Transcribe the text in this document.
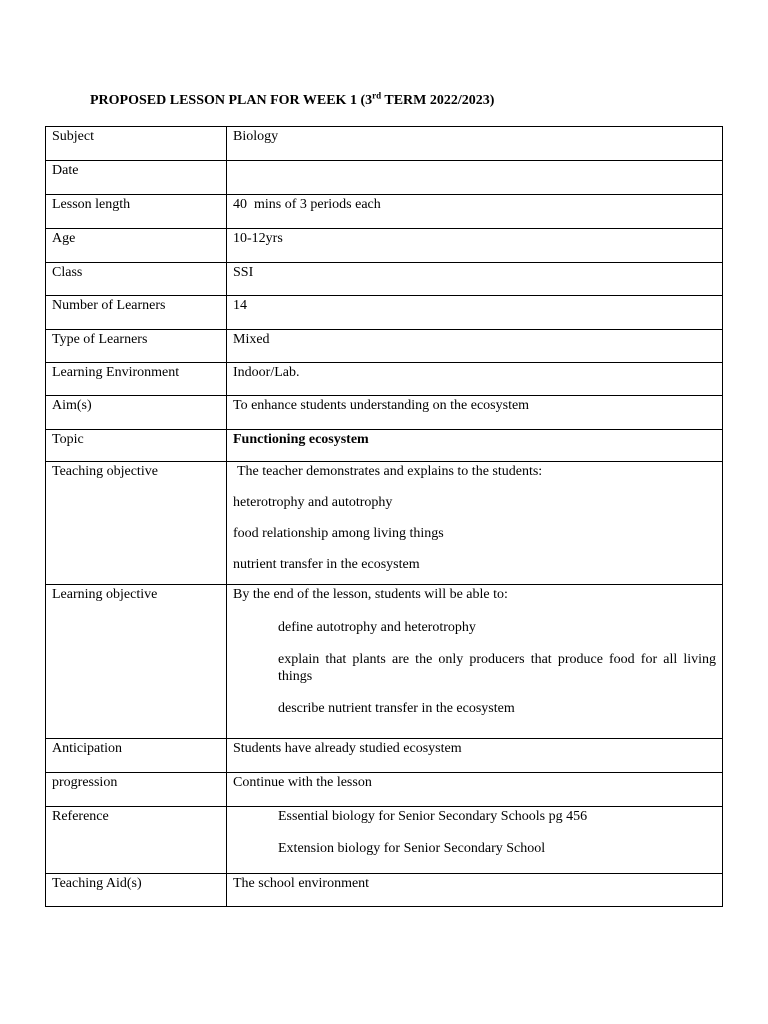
PROPOSED LESSON PLAN FOR WEEK 1 (3rd TERM 2022/2023)
Subject	Biology
Date	
Lesson length	40  mins of 3 periods each
Age	10-12yrs
Class	SSI
Number of Learners	14
Type of Learners	Mixed
Learning Environment	Indoor/Lab.
Aim(s)	To enhance students understanding on the ecosystem
Topic	Functioning ecosystem
Teaching objective	The teacher demonstrates and explains to the students:
heterotrophy and autotrophy
food relationship among living things
nutrient transfer in the ecosystem

Learning objective	By the end of the lesson, students will be able to:
define autotrophy and heterotrophy
explain that plants are the only producers that produce food for all living things
describe nutrient transfer in the ecosystem

Anticipation	Students have already studied ecosystem
progression	Continue with the lesson
Reference	Essential biology for Senior Secondary Schools pg 456
Extension biology for Senior Secondary School

Teaching Aid(s)	The school environment
